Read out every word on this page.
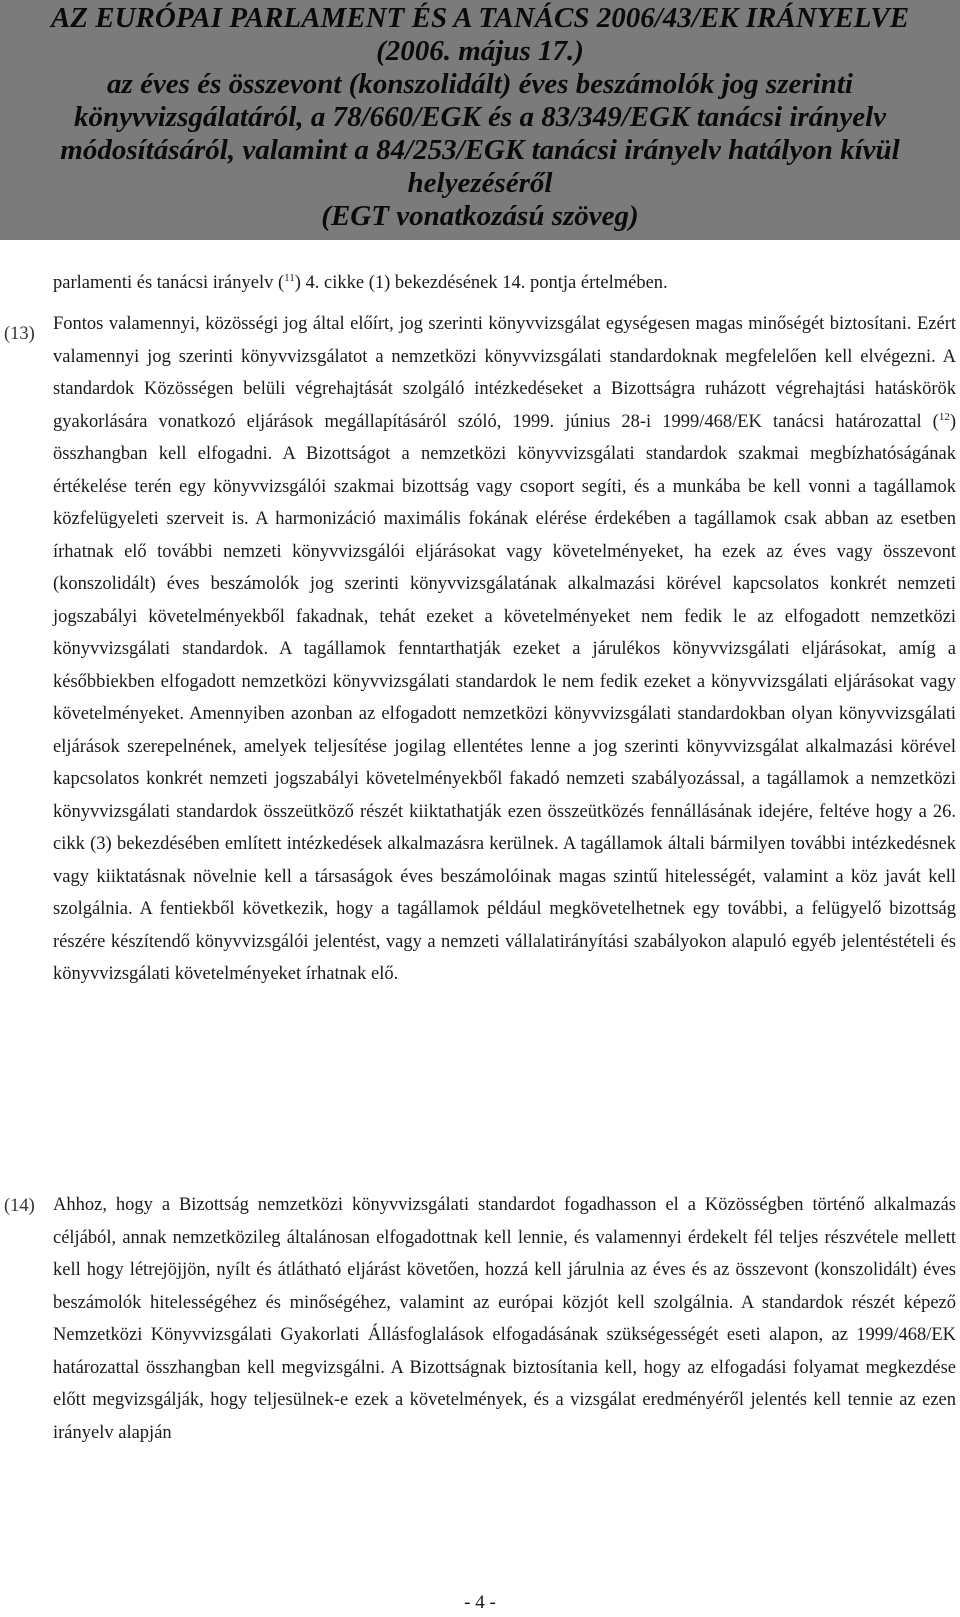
AZ EURÓPAI PARLAMENT ÉS A TANÁCS 2006/43/EK IRÁNYELVE
(2006. május 17.)
az éves és összevont (konszolidált) éves beszámolók jog szerinti
könyvvizsgálatáról, a 78/660/EGK és a 83/349/EGK tanácsi irányelv
módosításáról, valamint a 84/253/EGK tanácsi irányelv hatályon kívül
helyezéséről
(EGT vonatkozású szöveg)
parlamenti és tanácsi irányelv ($^{11}$) 4. cikke (1) bekezdésének 14. pontja értelmében.
(13) Fontos valamennyi, közösségi jog által előírt, jog szerinti könyvvizsgálat egységesen magas minőségét biztosítani. Ezért valamennyi jog szerinti könyvvizsgálatot a nemzetközi könyvvizsgálati standardoknak megfelelően kell elvégezni. A standardok Közösségen belüli végrehajtását szolgáló intézkedéseket a Bizottságra ruházott végrehajtási hatáskörök gyakorlására vonatkozó eljárások megállapításáról szóló, 1999. június 28-i 1999/468/EK tanácsi határozattal ($^{12}$) összhangban kell elfogadni. A Bizottságot a nemzetközi könyvvizsgálati standardok szakmai megbízhatóságának értékelése terén egy könyvvizsgálói szakmai bizottság vagy csoport segíti, és a munkába be kell vonni a tagállamok közfelügyeleti szerveit is. A harmonizáció maximális fokának elérése érdekében a tagállamok csak abban az esetben írhatnak elő további nemzeti könyvvizsgálói eljárásokat vagy követelményeket, ha ezek az éves vagy összevont (konszolidált) éves beszámolók jog szerinti könyvvizsgálatának alkalmazási körével kapcsolatos konkrét nemzeti jogszabályi követelményekből fakadnak, tehát ezeket a követelményeket nem fedik le az elfogadott nemzetközi könyvvizsgálati standardok. A tagállamok fenntarthatják ezeket a járulékos könyvvizsgálati eljárásokat, amíg a későbbiekben elfogadott nemzetközi könyvvizsgálati standardok le nem fedik ezeket a könyvvizsgálati eljárásokat vagy követelményeket. Amennyiben azonban az elfogadott nemzetközi könyvvizsgálati standardokban olyan könyvvizsgálati eljárások szerepelnének, amelyek teljesítése jogilag ellentétes lenne a jog szerinti könyvvizsgálat alkalmazási körével kapcsolatos konkrét nemzeti jogszabályi követelményekből fakadó nemzeti szabályozással, a tagállamok a nemzetközi könyvvizsgálati standardok összeütköző részét kiiktathatják ezen összeütközés fennállásának idejére, feltéve hogy a 26. cikk (3) bekezdésében említett intézkedések alkalmazásra kerülnek. A tagállamok általi bármilyen további intézkedésnek vagy kiiktatásnak növelnie kell a társaságok éves beszámolóinak magas szintű hitelességét, valamint a köz javát kell szolgálnia. A fentiekből következik, hogy a tagállamok például megkövetelhetnek egy további, a felügyelő bizottság részére készítendő könyvvizsgálói jelentést, vagy a nemzeti vállalatirányítási szabályokon alapuló egyéb jelentéstételi és könyvvizsgálati követelményeket írhatnak elő.
(14) Ahhoz, hogy a Bizottság nemzetközi könyvvizsgálati standardot fogadhasson el a Közösségben történő alkalmazás céljából, annak nemzetközileg általánosan elfogadottnak kell lennie, és valamennyi érdekelt fél teljes részvétele mellett kell hogy létrejöjjön, nyílt és átlátható eljárást követően, hozzá kell járulnia az éves és az összevont (konszolidált) éves beszámolók hitelességéhez és minőségéhez, valamint az európai közjót kell szolgálnia. A standardok részét képező Nemzetközi Könyvvizsgálati Gyakorlati Állásfoglalások elfogadásának szükségességét eseti alapon, az 1999/468/EK határozattal összhangban kell megvizsgálni. A Bizottságnak biztosítania kell, hogy az elfogadási folyamat megkezdése előtt megvizsgálják, hogy teljesülnek-e ezek a követelmények, és a vizsgálat eredményéről jelentés kell tennie az ezen irányelv alapján
- 4 -
